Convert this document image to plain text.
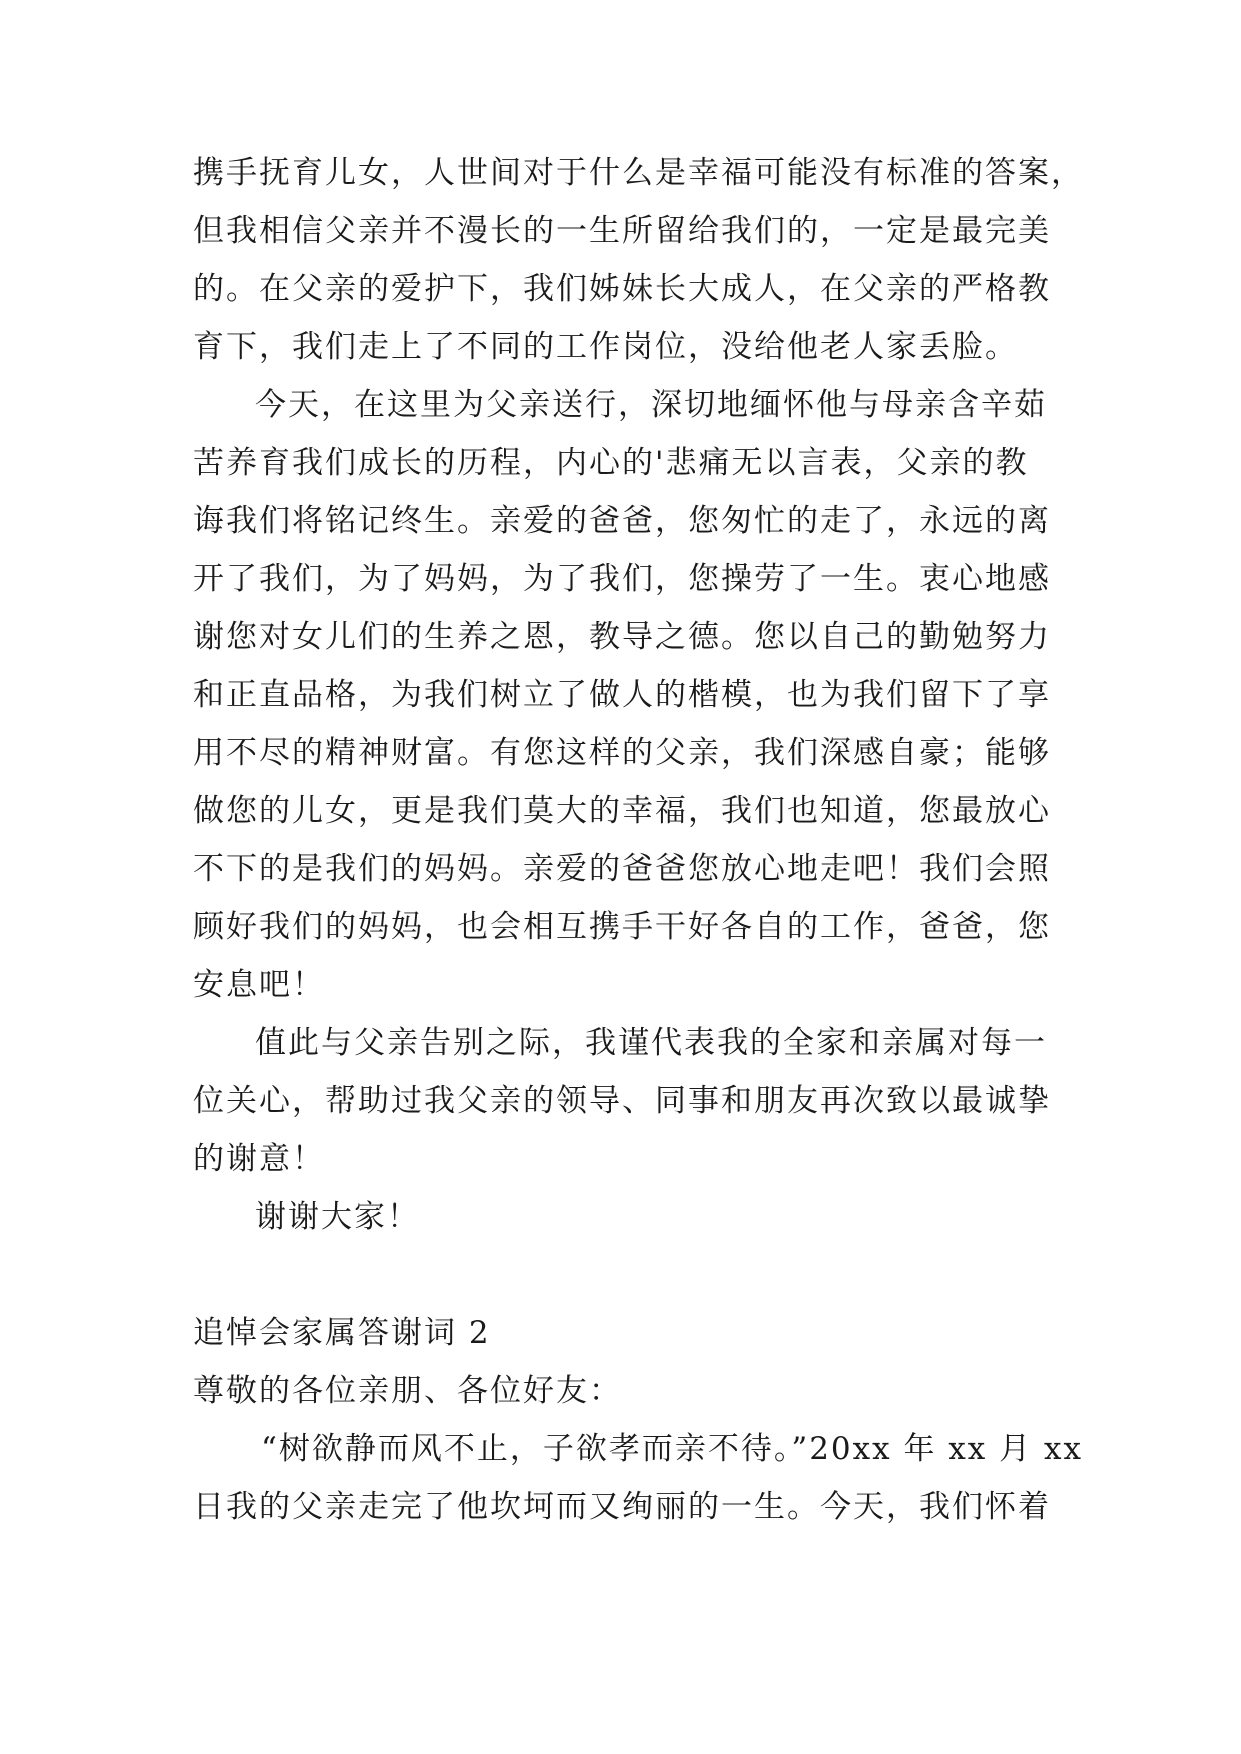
携手抚育儿女，人世间对于什么是幸福可能没有标准的答案，
但我相信父亲并不漫长的一生所留给我们的，一定是最完美
的。在父亲的爱护下，我们姊妹长大成人，在父亲的严格教
育下，我们走上了不同的工作岗位，没给他老人家丢脸。
今天，在这里为父亲送行，深切地缅怀他与母亲含辛茹
苦养育我们成长的历程，内心的'悲痛无以言表，父亲的教
诲我们将铭记终生。亲爱的爸爸，您匆忙的走了，永远的离
开了我们，为了妈妈，为了我们，您操劳了一生。衷心地感
谢您对女儿们的生养之恩，教导之德。您以自己的勤勉努力
和正直品格，为我们树立了做人的楷模，也为我们留下了享
用不尽的精神财富。有您这样的父亲，我们深感自豪；能够
做您的儿女，更是我们莫大的幸福，我们也知道，您最放心
不下的是我们的妈妈。亲爱的爸爸您放心地走吧！我们会照
顾好我们的妈妈，也会相互携手干好各自的工作，爸爸，您
安息吧！
值此与父亲告别之际，我谨代表我的全家和亲属对每一
位关心，帮助过我父亲的领导、同事和朋友再次致以最诚挚
的谢意！
谢谢大家！
追悼会家属答谢词 2
尊敬的各位亲朋、各位好友：
“树欲静而风不止，子欲孝而亲不待。”20xx 年 xx 月 xx
日我的父亲走完了他坎坷而又绚丽的一生。今天，我们怀着
